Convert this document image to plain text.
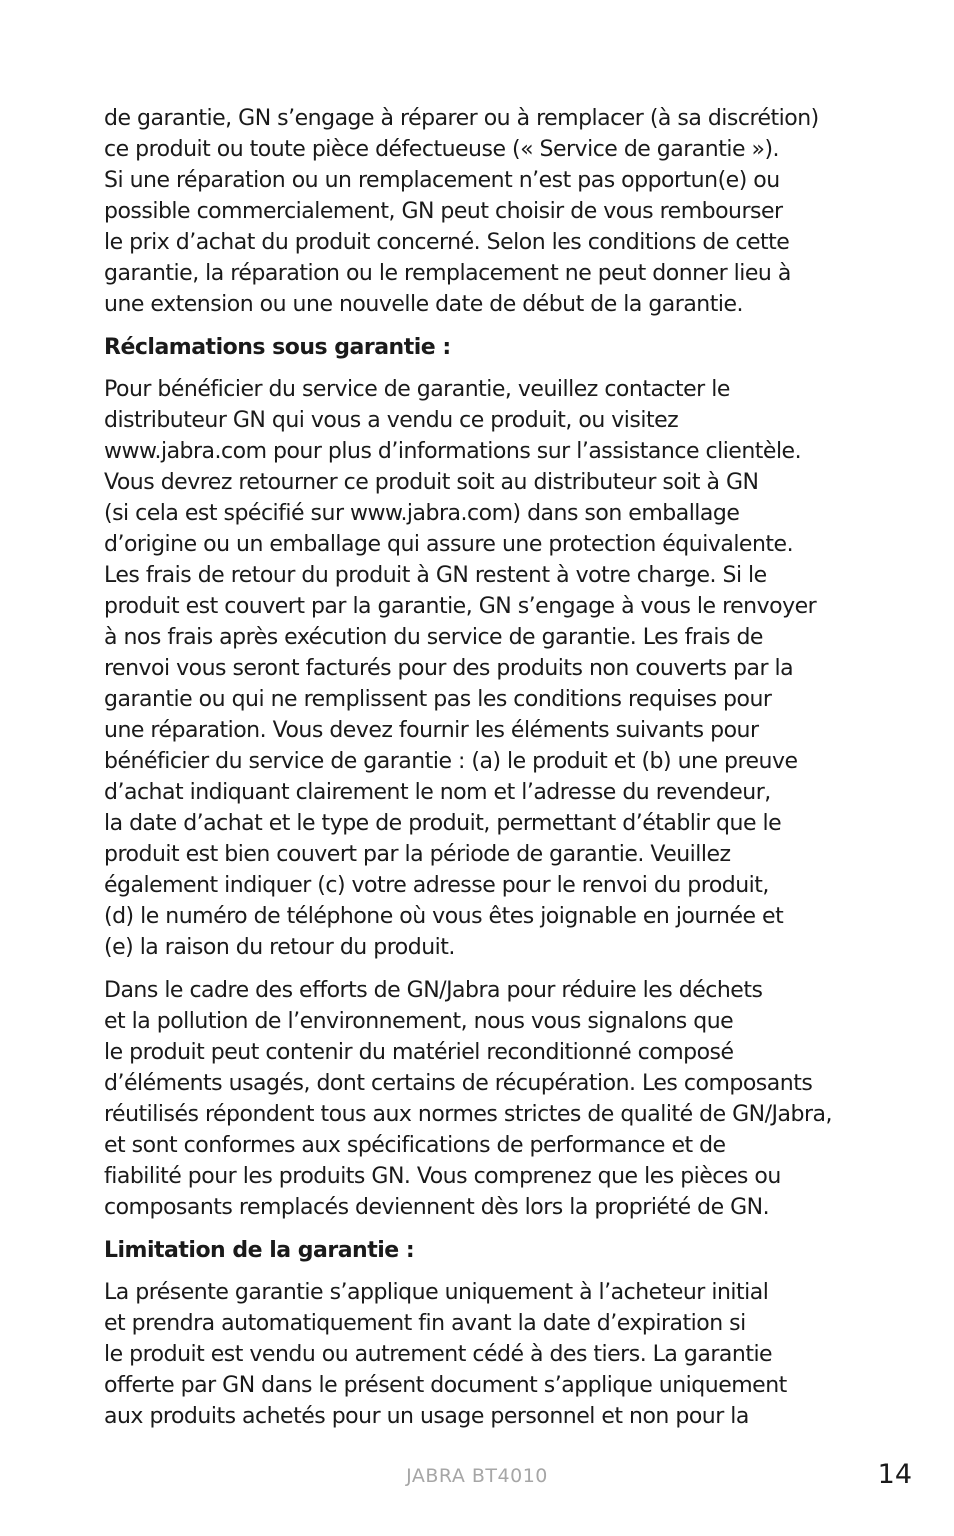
de garantie, GN s’engage à réparer ou à remplacer (à sa discrétion)
ce produit ou toute pièce défectueuse (« Service de garantie »).
Si une réparation ou un remplacement n’est pas opportun(e) ou
possible commercialement, GN peut choisir de vous rembourser
le prix d’achat du produit concerné. Selon les conditions de cette
garantie, la réparation ou le remplacement ne peut donner lieu à
une extension ou une nouvelle date de début de la garantie.

Réclamations sous garantie :

Pour bénéficier du service de garantie, veuillez contacter le
distributeur GN qui vous a vendu ce produit, ou visitez
www.jabra.com pour plus d’informations sur l’assistance clientèle.
Vous devrez retourner ce produit soit au distributeur soit à GN
(si cela est spécifié sur www.jabra.com) dans son emballage
d’origine ou un emballage qui assure une protection équivalente.
Les frais de retour du produit à GN restent à votre charge. Si le
produit est couvert par la garantie, GN s’engage à vous le renvoyer
à nos frais après exécution du service de garantie. Les frais de
renvoi vous seront facturés pour des produits non couverts par la
garantie ou qui ne remplissent pas les conditions requises pour
une réparation. Vous devez fournir les éléments suivants pour
bénéficier du service de garantie : (a) le produit et (b) une preuve
d’achat indiquant clairement le nom et l’adresse du revendeur,
la date d’achat et le type de produit, permettant d’établir que le
produit est bien couvert par la période de garantie. Veuillez
également indiquer (c) votre adresse pour le renvoi du produit,
(d) le numéro de téléphone où vous êtes joignable en journée et
(e) la raison du retour du produit.

Dans le cadre des efforts de GN/Jabra pour réduire les déchets
et la pollution de l’environnement, nous vous signalons que
le produit peut contenir du matériel reconditionné composé
d’éléments usagés, dont certains de récupération. Les composants
réutilisés répondent tous aux normes strictes de qualité de GN/Jabra,
et sont conformes aux spécifications de performance et de
fiabilité pour les produits GN. Vous comprenez que les pièces ou
composants remplacés deviennent dès lors la propriété de GN.

Limitation de la garantie :

La présente garantie s’applique uniquement à l’acheteur initial
et prendra automatiquement fin avant la date d’expiration si
le produit est vendu ou autrement cédé à des tiers. La garantie
offerte par GN dans le présent document s’applique uniquement
aux produits achetés pour un usage personnel et non pour la

JABRA BT4010	14
